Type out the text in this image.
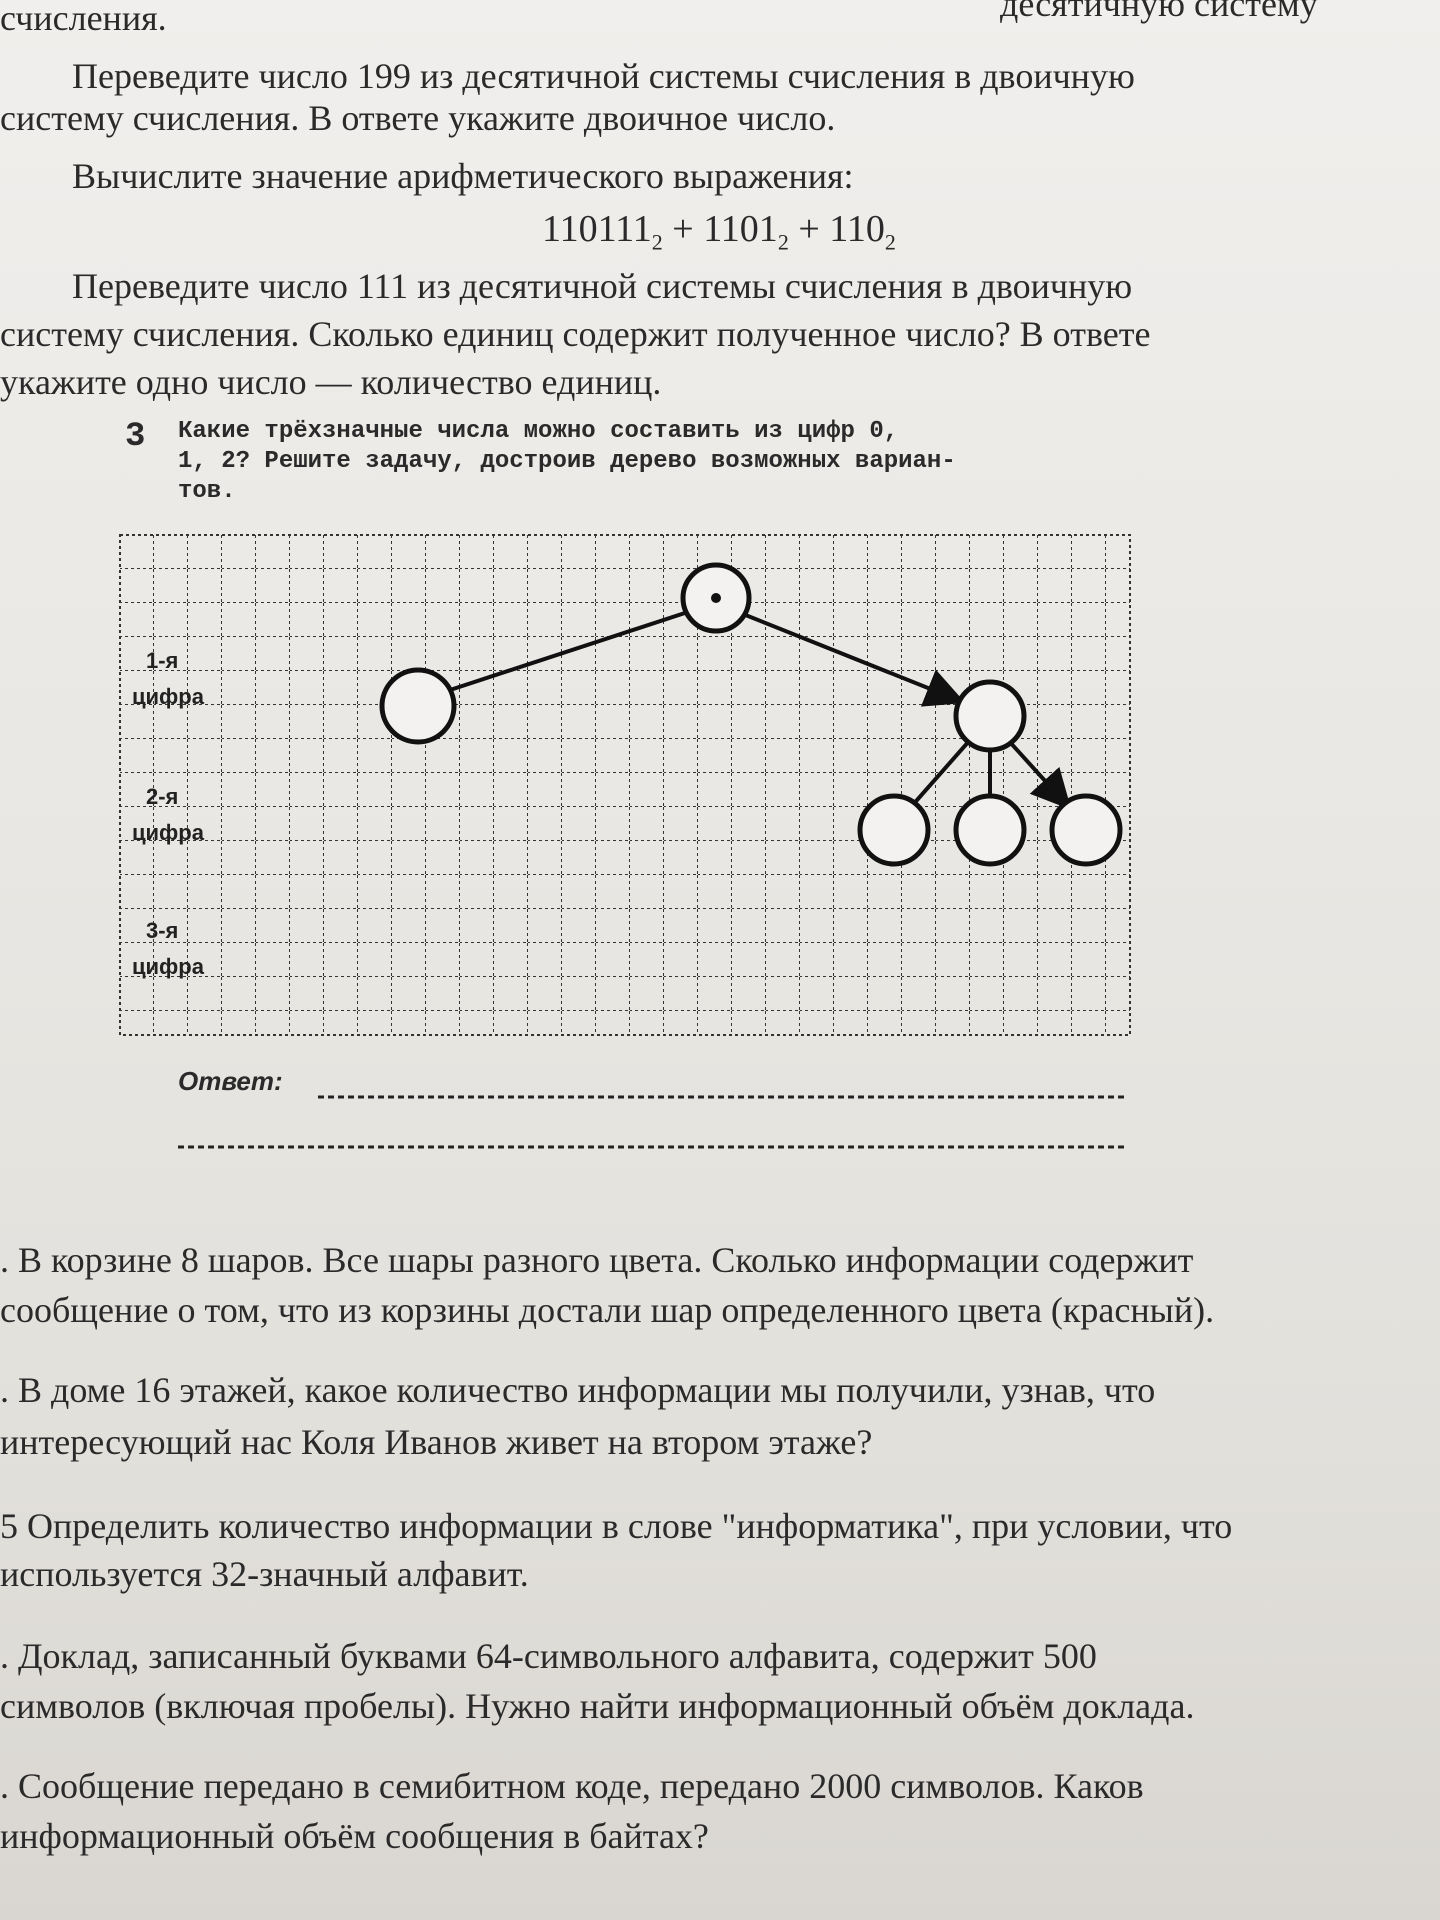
счисления.	десятичную систему
Переведите число 199 из десятичной системы счисления в двоичную
систему счисления. В ответе укажите двоичное число.
Вычислите значение арифметического выражения:
$110111_2 + 1101_2 + 110_2$
Переведите число 111 из десятичной системы счисления в двоичную
систему счисления. Сколько единиц содержит полученное число? В ответе
укажите одно число — количество единиц.
3 Какие трёхзначные числа можно составить из цифр 0,
1, 2? Решите задачу, достроив дерево возможных вариан-
тов.
1-я
цифра
2-я
цифра
3-я
цифра
Ответ:
. В корзине 8 шаров. Все шары разного цвета. Сколько информации содержит
сообщение о том, что из корзины достали шар определенного цвета (красный).
. В доме 16 этажей, какое количество информации мы получили, узнав, что
интересующий нас Коля Иванов живет на втором этаже?
5 Определить количество информации в слове "информатика", при условии, что
используется 32-значный алфавит.
. Доклад, записанный буквами 64-символьного алфавита, содержит 500
символов (включая пробелы). Нужно найти информационный объём доклада.
. Сообщение передано в семибитном коде, передано 2000 символов. Каков
информационный объём сообщения в байтах?
